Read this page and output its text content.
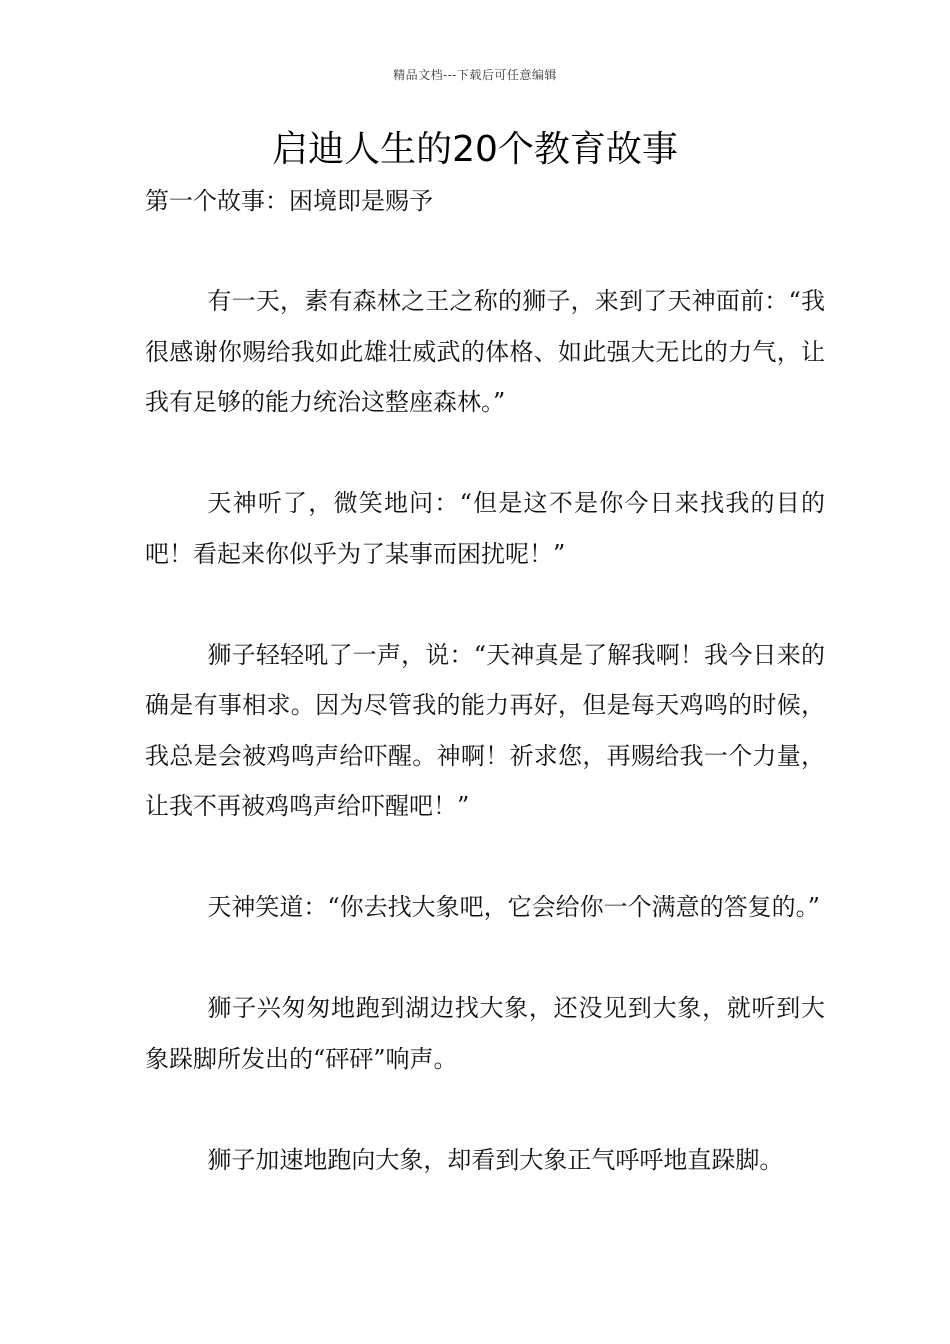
精品文档---下载后可任意编辑
启迪人生的20个教育故事

第一个故事：困境即是赐予

有一天，素有森林之王之称的狮子，来到了天神面前：“我很感谢你赐给我如此雄壮威武的体格、如此强大无比的力气，让我有足够的能力统治这整座森林。”

天神听了，微笑地问：“但是这不是你今日来找我的目的吧！看起来你似乎为了某事而困扰呢！”

狮子轻轻吼了一声，说：“天神真是了解我啊！我今日来的确是有事相求。因为尽管我的能力再好，但是每天鸡鸣的时候，我总是会被鸡鸣声给吓醒。神啊！祈求您，再赐给我一个力量，让我不再被鸡鸣声给吓醒吧！”

天神笑道：“你去找大象吧，它会给你一个满意的答复的。”

狮子兴匆匆地跑到湖边找大象，还没见到大象，就听到大象跺脚所发出的“砰砰”响声。

狮子加速地跑向大象，却看到大象正气呼呼地直跺脚。
